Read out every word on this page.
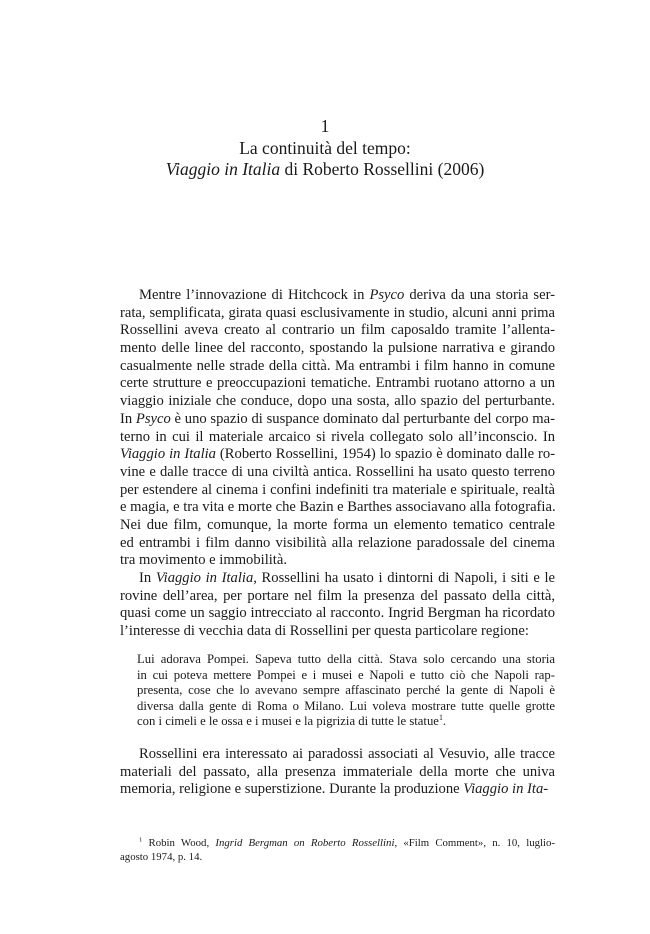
1
La continuità del tempo:
Viaggio in Italia di Roberto Rossellini (2006)
Mentre l’innovazione di Hitchcock in Psyco deriva da una storia ser-
rata, semplificata, girata quasi esclusivamente in studio, alcuni anni prima
Rossellini aveva creato al contrario un film caposaldo tramite l’allenta-
mento delle linee del racconto, spostando la pulsione narrativa e girando
casualmente nelle strade della città. Ma entrambi i film hanno in comune
certe strutture e preoccupazioni tematiche. Entrambi ruotano attorno a un
viaggio iniziale che conduce, dopo una sosta, allo spazio del perturbante.
In Psyco è uno spazio di suspance dominato dal perturbante del corpo ma-
terno in cui il materiale arcaico si rivela collegato solo all’inconscio. In
Viaggio in Italia (Roberto Rossellini, 1954) lo spazio è dominato dalle ro-
vine e dalle tracce di una civiltà antica. Rossellini ha usato questo terreno
per estendere al cinema i confini indefiniti tra materiale e spirituale, realtà
e magia, e tra vita e morte che Bazin e Barthes associavano alla fotografia.
Nei due film, comunque, la morte forma un elemento tematico centrale
ed entrambi i film danno visibilità alla relazione paradossale del cinema
tra movimento e immobilità.
In Viaggio in Italia, Rossellini ha usato i dintorni di Napoli, i siti e le
rovine dell’area, per portare nel film la presenza del passato della città,
quasi come un saggio intrecciato al racconto. Ingrid Bergman ha ricordato
l’interesse di vecchia data di Rossellini per questa particolare regione:
Lui adorava Pompei. Sapeva tutto della città. Stava solo cercando una storia
in cui poteva mettere Pompei e i musei e Napoli e tutto ciò che Napoli rap-
presenta, cose che lo avevano sempre affascinato perché la gente di Napoli è
diversa dalla gente di Roma o Milano. Lui voleva mostrare tutte quelle grotte
con i cimeli e le ossa e i musei e la pigrizia di tutte le statue$^1$.
Rossellini era interessato ai paradossi associati al Vesuvio, alle tracce
materiali del passato, alla presenza immateriale della morte che univa
memoria, religione e superstizione. Durante la produzione Viaggio in Ita-
$^1$ Robin Wood, Ingrid Bergman on Roberto Rossellini, «Film Comment», n. 10, luglio-
agosto 1974, p. 14.
